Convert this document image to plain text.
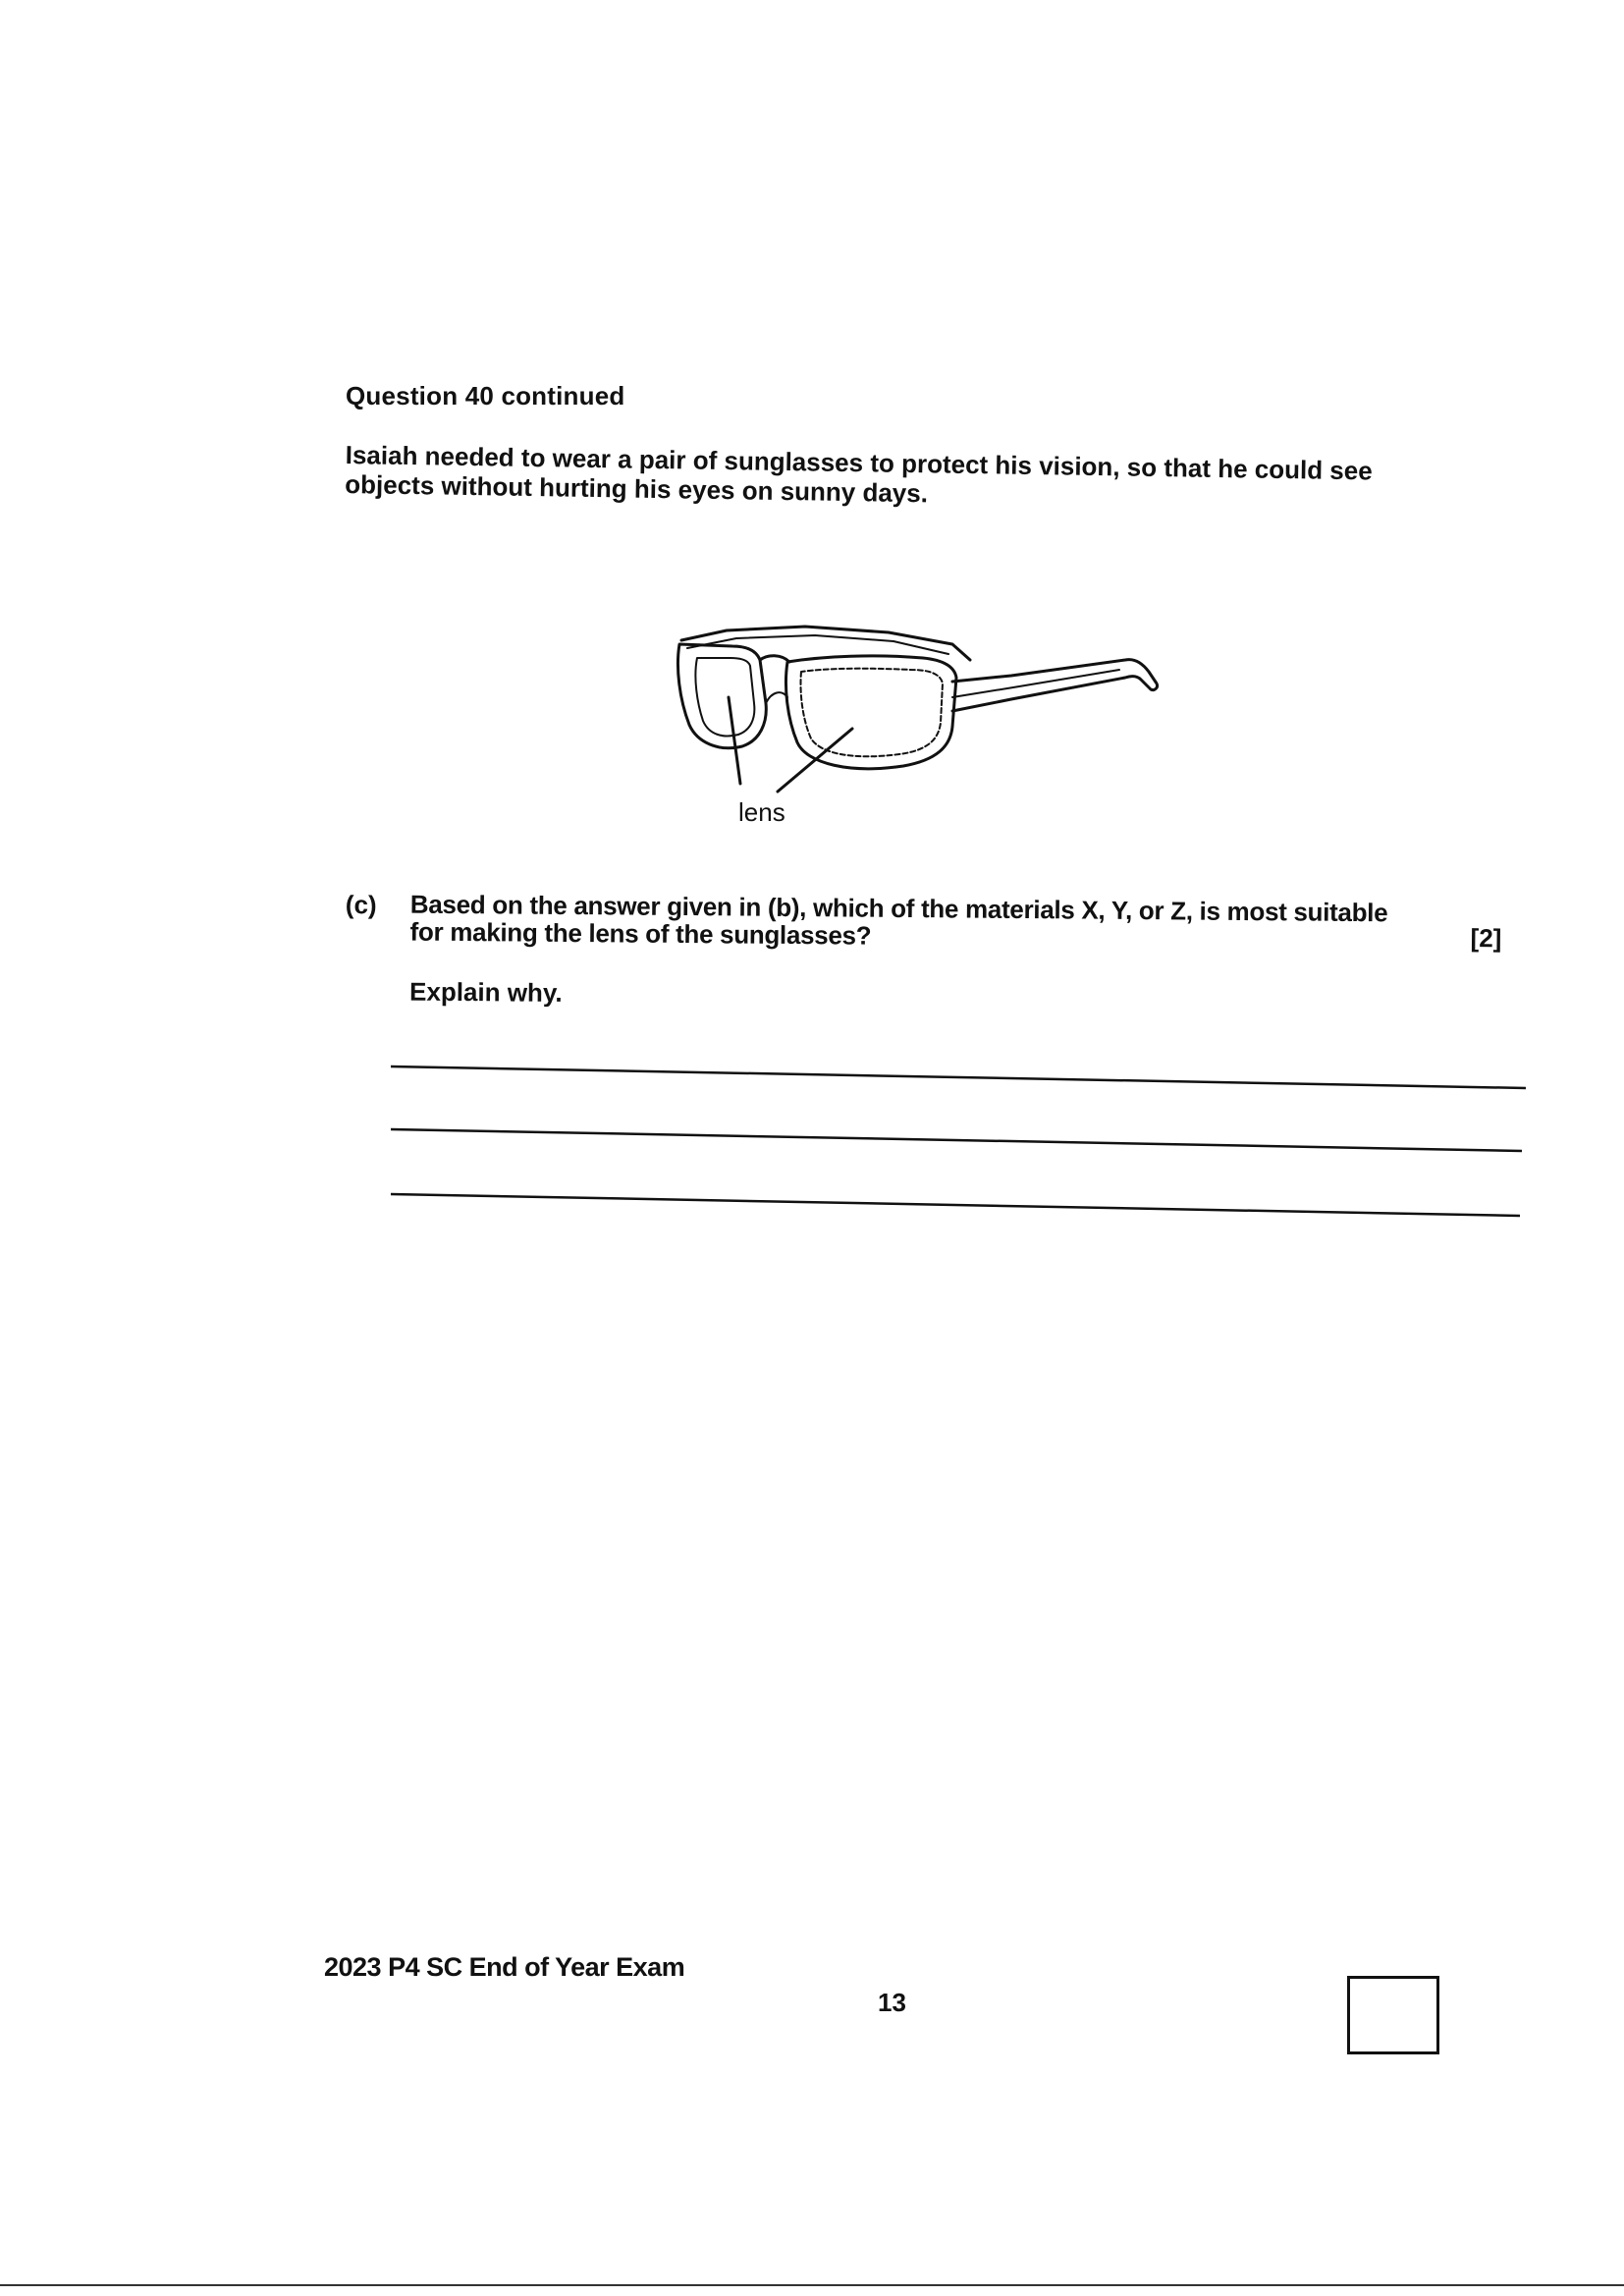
Question 40 continued
Isaiah needed to wear a pair of sunglasses to protect his vision, so that he could see objects without hurting his eyes on sunny days.
lens
(c) Based on the answer given in (b), which of the materials X, Y, or Z, is most suitable for making the lens of the sunglasses?	[2]
Explain why.
2023 P4 SC End of Year Exam
13
